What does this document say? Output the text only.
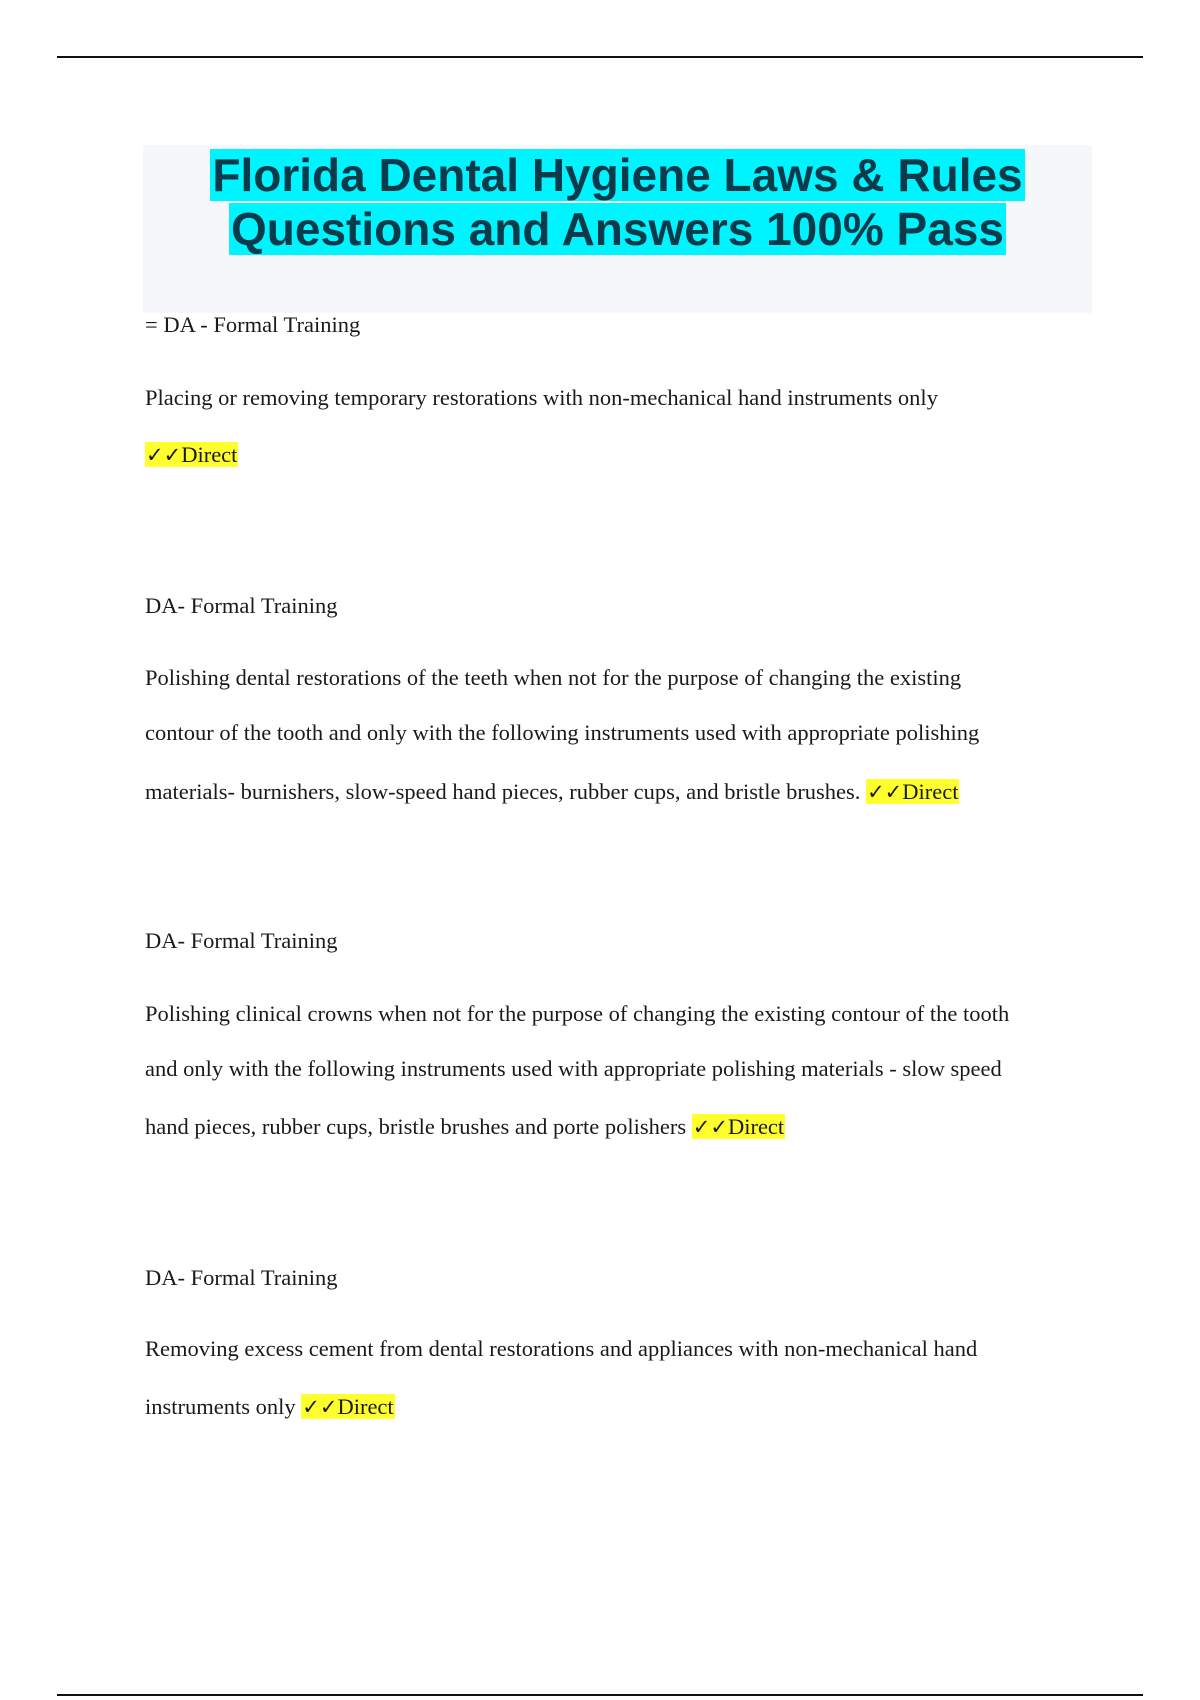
Florida Dental Hygiene Laws & Rules
Questions and Answers 100% Pass
= DA - Formal Training
Placing or removing temporary restorations with non-mechanical hand instruments only
✓✓Direct
DA- Formal Training
Polishing dental restorations of the teeth when not for the purpose of changing the existing
contour of the tooth and only with the following instruments used with appropriate polishing
materials- burnishers, slow-speed hand pieces, rubber cups, and bristle brushes. ✓✓Direct
DA- Formal Training
Polishing clinical crowns when not for the purpose of changing the existing contour of the tooth
and only with the following instruments used with appropriate polishing materials - slow speed
hand pieces, rubber cups, bristle brushes and porte polishers ✓✓Direct
DA- Formal Training
Removing excess cement from dental restorations and appliances with non-mechanical hand
instruments only ✓✓Direct
